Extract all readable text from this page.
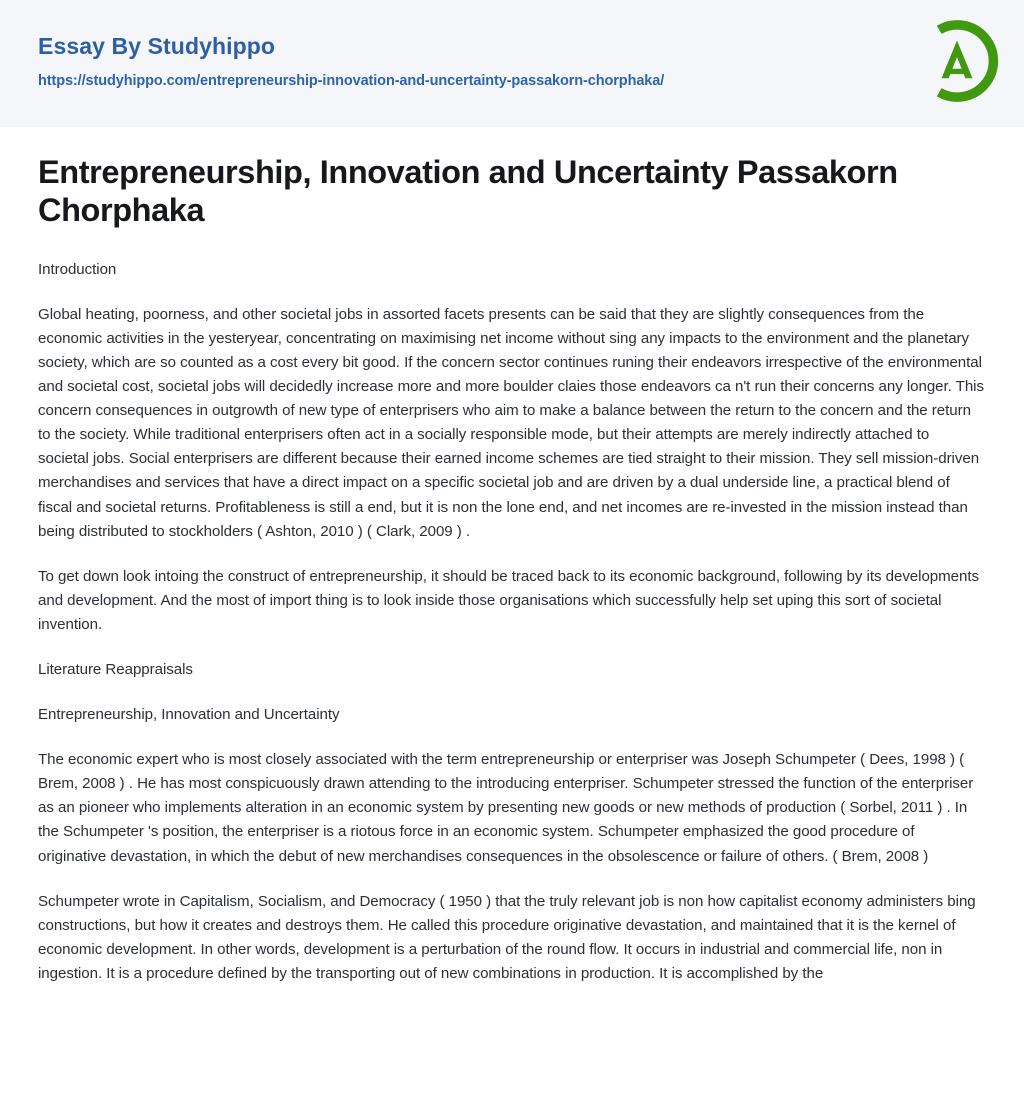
Essay By Studyhippo
https://studyhippo.com/entrepreneurship-innovation-and-uncertainty-passakorn-chorphaka/
Entrepreneurship, Innovation and Uncertainty Passakorn Chorphaka

Introduction

Global heating, poorness, and other societal jobs in assorted facets presents can be said that they are slightly consequences from the economic activities in the yesteryear, concentrating on maximising net income without sing any impacts to the environment and the planetary society, which are so counted as a cost every bit good. If the concern sector continues runing their endeavors irrespective of the environmental and societal cost, societal jobs will decidedly increase more and more boulder claies those endeavors ca n't run their concerns any longer. This concern consequences in outgrowth of new type of enterprisers who aim to make a balance between the return to the concern and the return to the society. While traditional enterprisers often act in a socially responsible mode, but their attempts are merely indirectly attached to societal jobs. Social enterprisers are different because their earned income schemes are tied straight to their mission. They sell mission-driven merchandises and services that have a direct impact on a specific societal job and are driven by a dual underside line, a practical blend of fiscal and societal returns. Profitableness is still a end, but it is non the lone end, and net incomes are re-invested in the mission instead than being distributed to stockholders ( Ashton, 2010 ) ( Clark, 2009 ) .

To get down look intoing the construct of entrepreneurship, it should be traced back to its economic background, following by its developments and development. And the most of import thing is to look inside those organisations which successfully help set uping this sort of societal invention.

Literature Reappraisals

Entrepreneurship, Innovation and Uncertainty

The economic expert who is most closely associated with the term entrepreneurship or enterpriser was Joseph Schumpeter ( Dees, 1998 ) ( Brem, 2008 ) . He has most conspicuously drawn attending to the introducing enterpriser. Schumpeter stressed the function of the enterpriser as an pioneer who implements alteration in an economic system by presenting new goods or new methods of production ( Sorbel, 2011 ) . In the Schumpeter 's position, the enterpriser is a riotous force in an economic system. Schumpeter emphasized the good procedure of originative devastation, in which the debut of new merchandises consequences in the obsolescence or failure of others. ( Brem, 2008 )

Schumpeter wrote in Capitalism, Socialism, and Democracy ( 1950 ) that the truly relevant job is non how capitalist economy administers bing constructions, but how it creates and destroys them. He called this procedure originative devastation, and maintained that it is the kernel of economic development. In other words, development is a perturbation of the round flow. It occurs in industrial and commercial life, non in ingestion. It is a procedure defined by the transporting out of new combinations in production. It is accomplished by the
